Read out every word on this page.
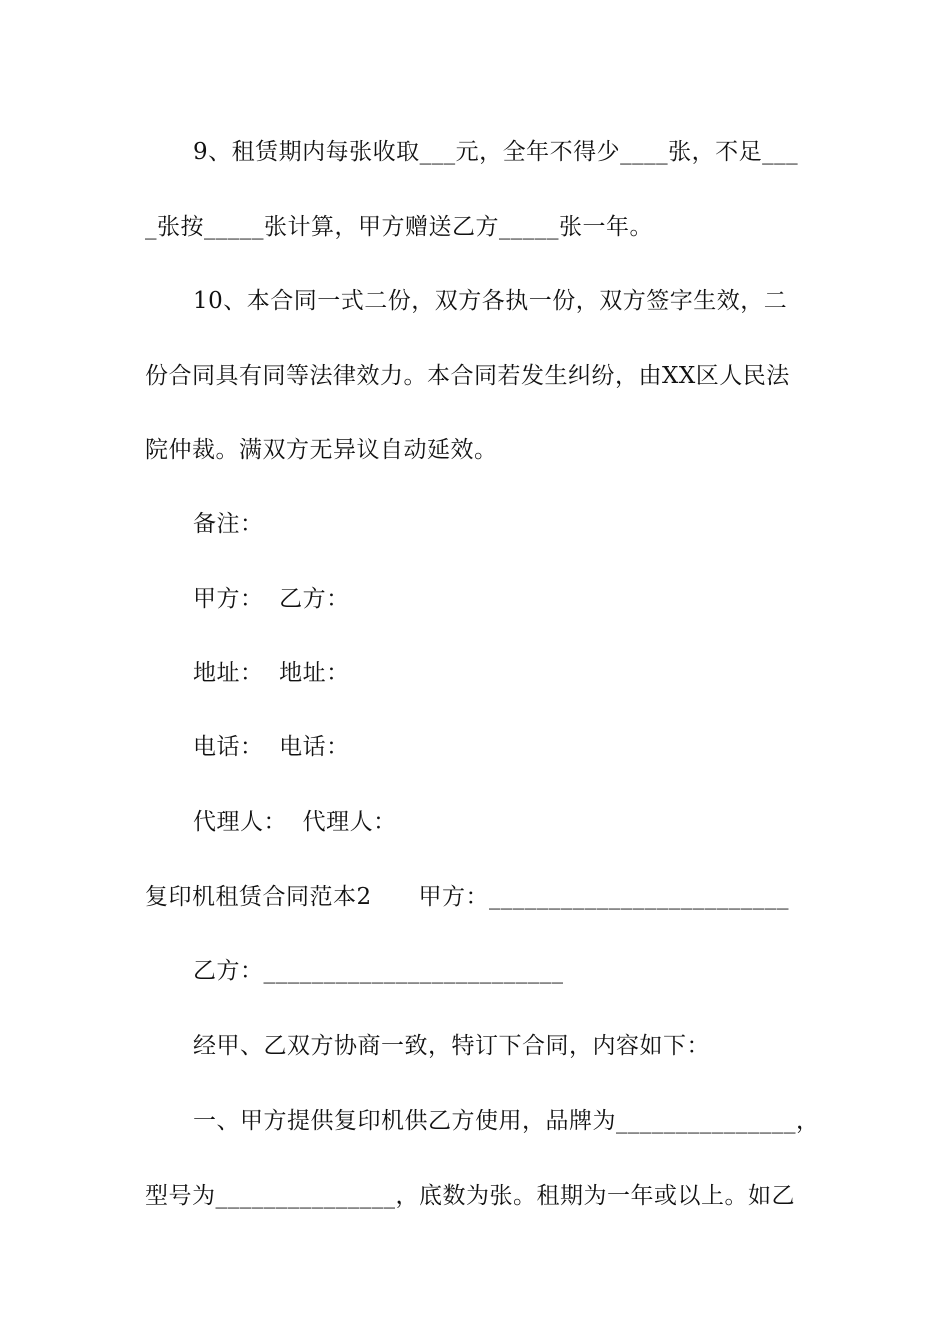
9、租赁期内每张收取___元，全年不得少____张，不足___
_张按_____张计算，甲方赠送乙方_____张一年。
10、本合同一式二份，双方各执一份，双方签字生效，二
份合同具有同等法律效力。本合同若发生纠纷，由XX区人民法
院仲裁。满双方无异议自动延效。
备注：
甲方：  乙方：
地址：  地址：
电话：  电话：
代理人：  代理人：
复印机租赁合同范本2      甲方：_________________________
乙方：_________________________
经甲、乙双方协商一致，特订下合同，内容如下：
一、甲方提供复印机供乙方使用，品牌为_______________，
型号为_______________，底数为张。租期为一年或以上。如乙
